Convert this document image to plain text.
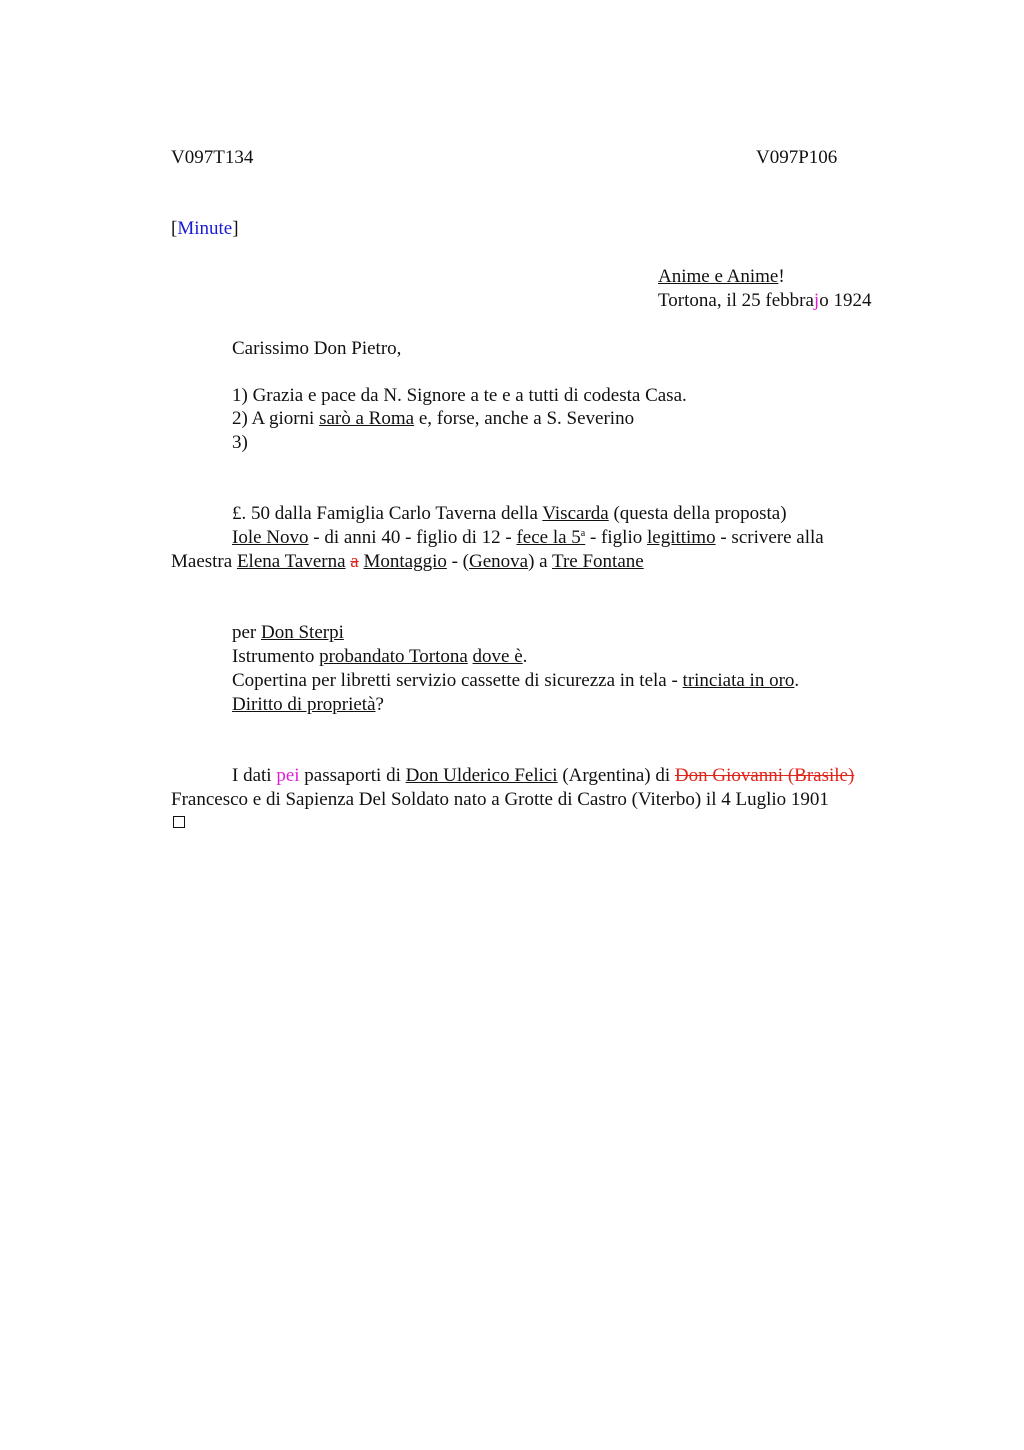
V097T134	V097P106
[Minute]
Anime e Anime!
Tortona, il 25 febbrajo 1924
Carissimo Don Pietro,
1) Grazia e pace da N. Signore a te e a tutti di codesta Casa.
2) A giorni sarò a Roma e, forse, anche a S. Severino
3)
£. 50 dalla Famiglia Carlo Taverna della Viscarda (questa della proposta)
Iole Novo - di anni 40 - figlio di 12 - fece la 5$^a$ - figlio legittimo - scrivere alla
Maestra Elena Taverna a Montaggio - (Genova) a Tre Fontane
per Don Sterpi
Istrumento probandato Tortona dove è.
Copertina per libretti servizio cassette di sicurezza in tela - trinciata in oro.
Diritto di proprietà?
I dati pei passaporti di Don Ulderico Felici (Argentina) di Don Giovanni (Brasile)
Francesco e di Sapienza Del Soldato nato a Grotte di Castro (Viterbo) il 4 Luglio 1901
